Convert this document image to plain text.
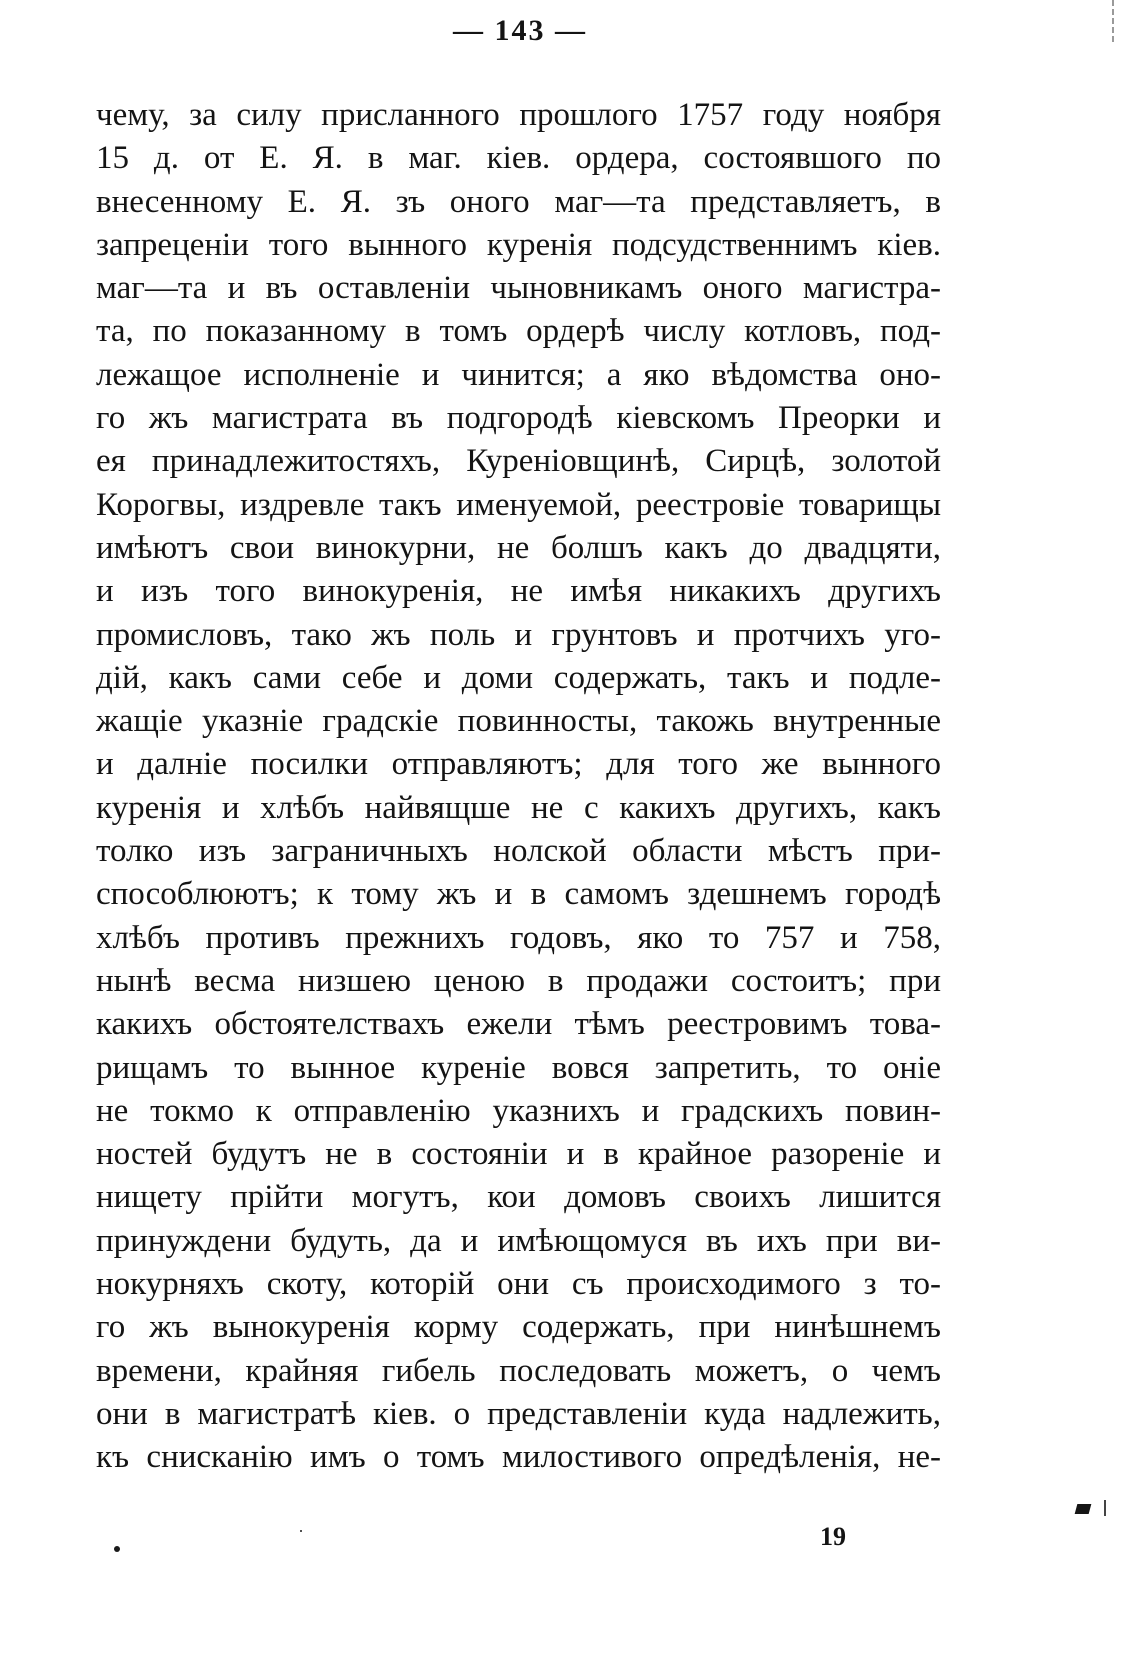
— 143 —
чему, за силу присланного прошлого 1757 году ноября
15 д. от Е. Я. в маг. кiев. ордера, состоявшого по
внесенному Е. Я. зъ оного маг—та представляетъ, в
запреценiи того вынного куренiя подсудственнимъ кiев.
маг—та и въ оставленiи чыновникамъ оного магистра-
та, по показанному в томъ ордерѣ числу котловъ, под-
лежащое исполненiе и чинится; а яко вѣдомства оно-
го жъ магистрата въ подгородѣ кiевскомъ Преорки и
ея принадлежитостяхъ, Куренiовщинѣ, Сирцѣ, золотой
Корогвы, издревле такъ именуемой, реестровiе товарищы
имѣютъ свои винокурни, не болшъ какъ до двадцяти,
и изъ того винокуренiя, не имѣя никакихъ другихъ
промисловъ, тако жъ поль и грунтовъ и протчихъ уго-
дiй, какъ сами себе и доми содержать, такъ и подле-
жащiе указнiе градскiе повинносты, такожь внутренные
и далнiе посилки отправляютъ; для того же вынного
куренiя и хлѣбъ найвящше не с какихъ другихъ, какъ
толко изъ заграничныхъ нолской области мѣстъ при-
способлюютъ; к тому жъ и в самомъ здешнемъ городѣ
хлѣбъ противъ прежнихъ годовъ, яко то 757 и 758,
нынѣ весма низшею ценою в продажи состоитъ; при
какихъ обстоятелствахъ ежели тѣмъ реестровимъ това-
рищамъ то вынное куренiе вовся запретить, то онiе
не токмо к отправленiю указнихъ и градскихъ повин-
ностей будутъ не в состоянiи и в крайное разоренiе и
нищету прiйти могутъ, кои домовъ своихъ лишится
принуждени будуть, да и имѣющомуся въ ихъ при ви-
нокурняхъ скоту, которiй они съ происходимого з то-
го жъ вынокуренiя корму содержать, при нинѣшнемъ
времени, крайняя гибель последовать можетъ, о чемъ
они в магистратѣ кiев. о представленiи куда надлежить,
къ снисканiю имъ о томъ милостивого опредѣленiя, не-
19
